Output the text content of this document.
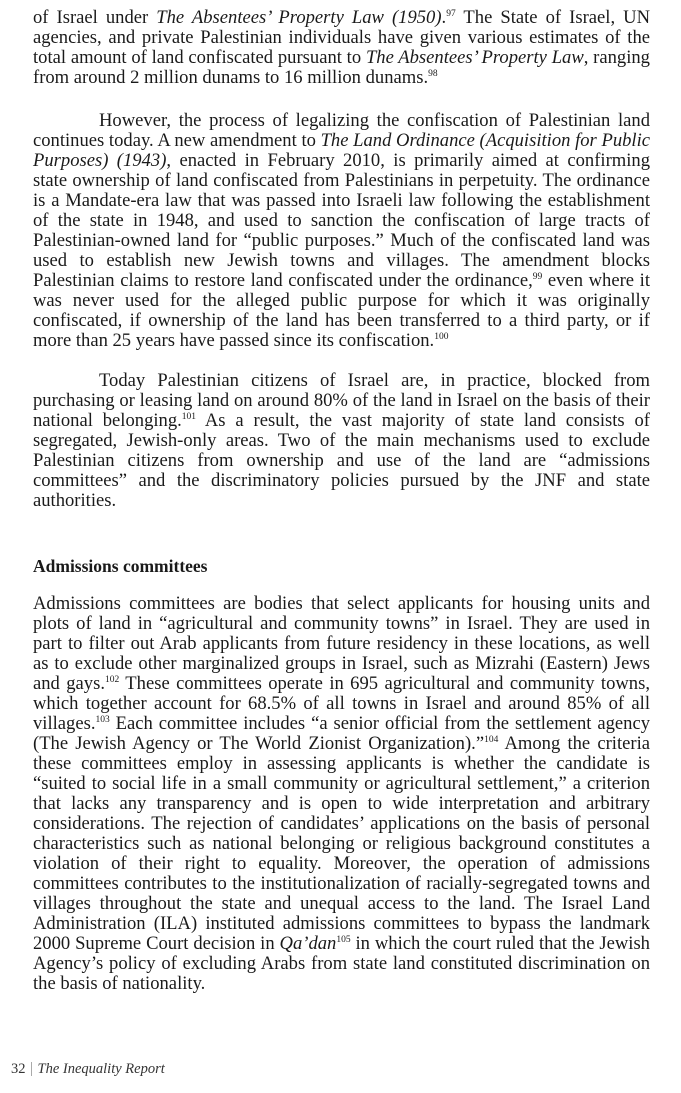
of Israel under The Absentees’ Property Law (1950).$^{97}$ The State of Israel, UN agencies, and private Palestinian individuals have given various estimates of the total amount of land confiscated pursuant to The Absentees’ Property Law, ranging from around 2 million dunams to 16 million dunams.$^{98}$

However, the process of legalizing the confiscation of Palestinian land continues today. A new amendment to The Land Ordinance (Acquisition for Public Purposes) (1943), enacted in February 2010, is primarily aimed at confirming state ownership of land confiscated from Palestinians in perpetuity. The ordinance is a Mandate-era law that was passed into Israeli law following the establishment of the state in 1948, and used to sanction the confiscation of large tracts of Palestinian-owned land for “public purposes.” Much of the confiscated land was used to establish new Jewish towns and villages. The amendment blocks Palestinian claims to restore land confiscated under the ordinance,$^{99}$ even where it was never used for the alleged public purpose for which it was originally confiscated, if ownership of the land has been transferred to a third party, or if more than 25 years have passed since its confiscation.$^{100}$

Today Palestinian citizens of Israel are, in practice, blocked from purchasing or leasing land on around 80% of the land in Israel on the basis of their national belonging.$^{101}$ As a result, the vast majority of state land consists of segregated, Jewish-only areas. Two of the main mechanisms used to exclude Palestinian citizens from ownership and use of the land are “admissions committees” and the discriminatory policies pursued by the JNF and state authorities.

Admissions committees

Admissions committees are bodies that select applicants for housing units and plots of land in “agricultural and community towns” in Israel. They are used in part to filter out Arab applicants from future residency in these locations, as well as to exclude other marginalized groups in Israel, such as Mizrahi (Eastern) Jews and gays.$^{102}$ These committees operate in 695 agricultural and community towns, which together account for 68.5% of all towns in Israel and around 85% of all villages.$^{103}$ Each committee includes “a senior official from the settlement agency (The Jewish Agency or The World Zionist Organization).”$^{104}$ Among the criteria these committees employ in assessing applicants is whether the candidate is “suited to social life in a small community or agricultural settlement,” a criterion that lacks any transparency and is open to wide interpretation and arbitrary considerations. The rejection of candidates’ applications on the basis of personal characteristics such as national belonging or religious background constitutes a violation of their right to equality. Moreover, the operation of admissions committees contributes to the institutionalization of racially-segregated towns and villages throughout the state and unequal access to the land. The Israel Land Administration (ILA) instituted admissions committees to bypass the landmark 2000 Supreme Court decision in Qa’dan$^{105}$ in which the court ruled that the Jewish Agency’s policy of excluding Arabs from state land constituted discrimination on the basis of nationality.

32 The Inequality Report
